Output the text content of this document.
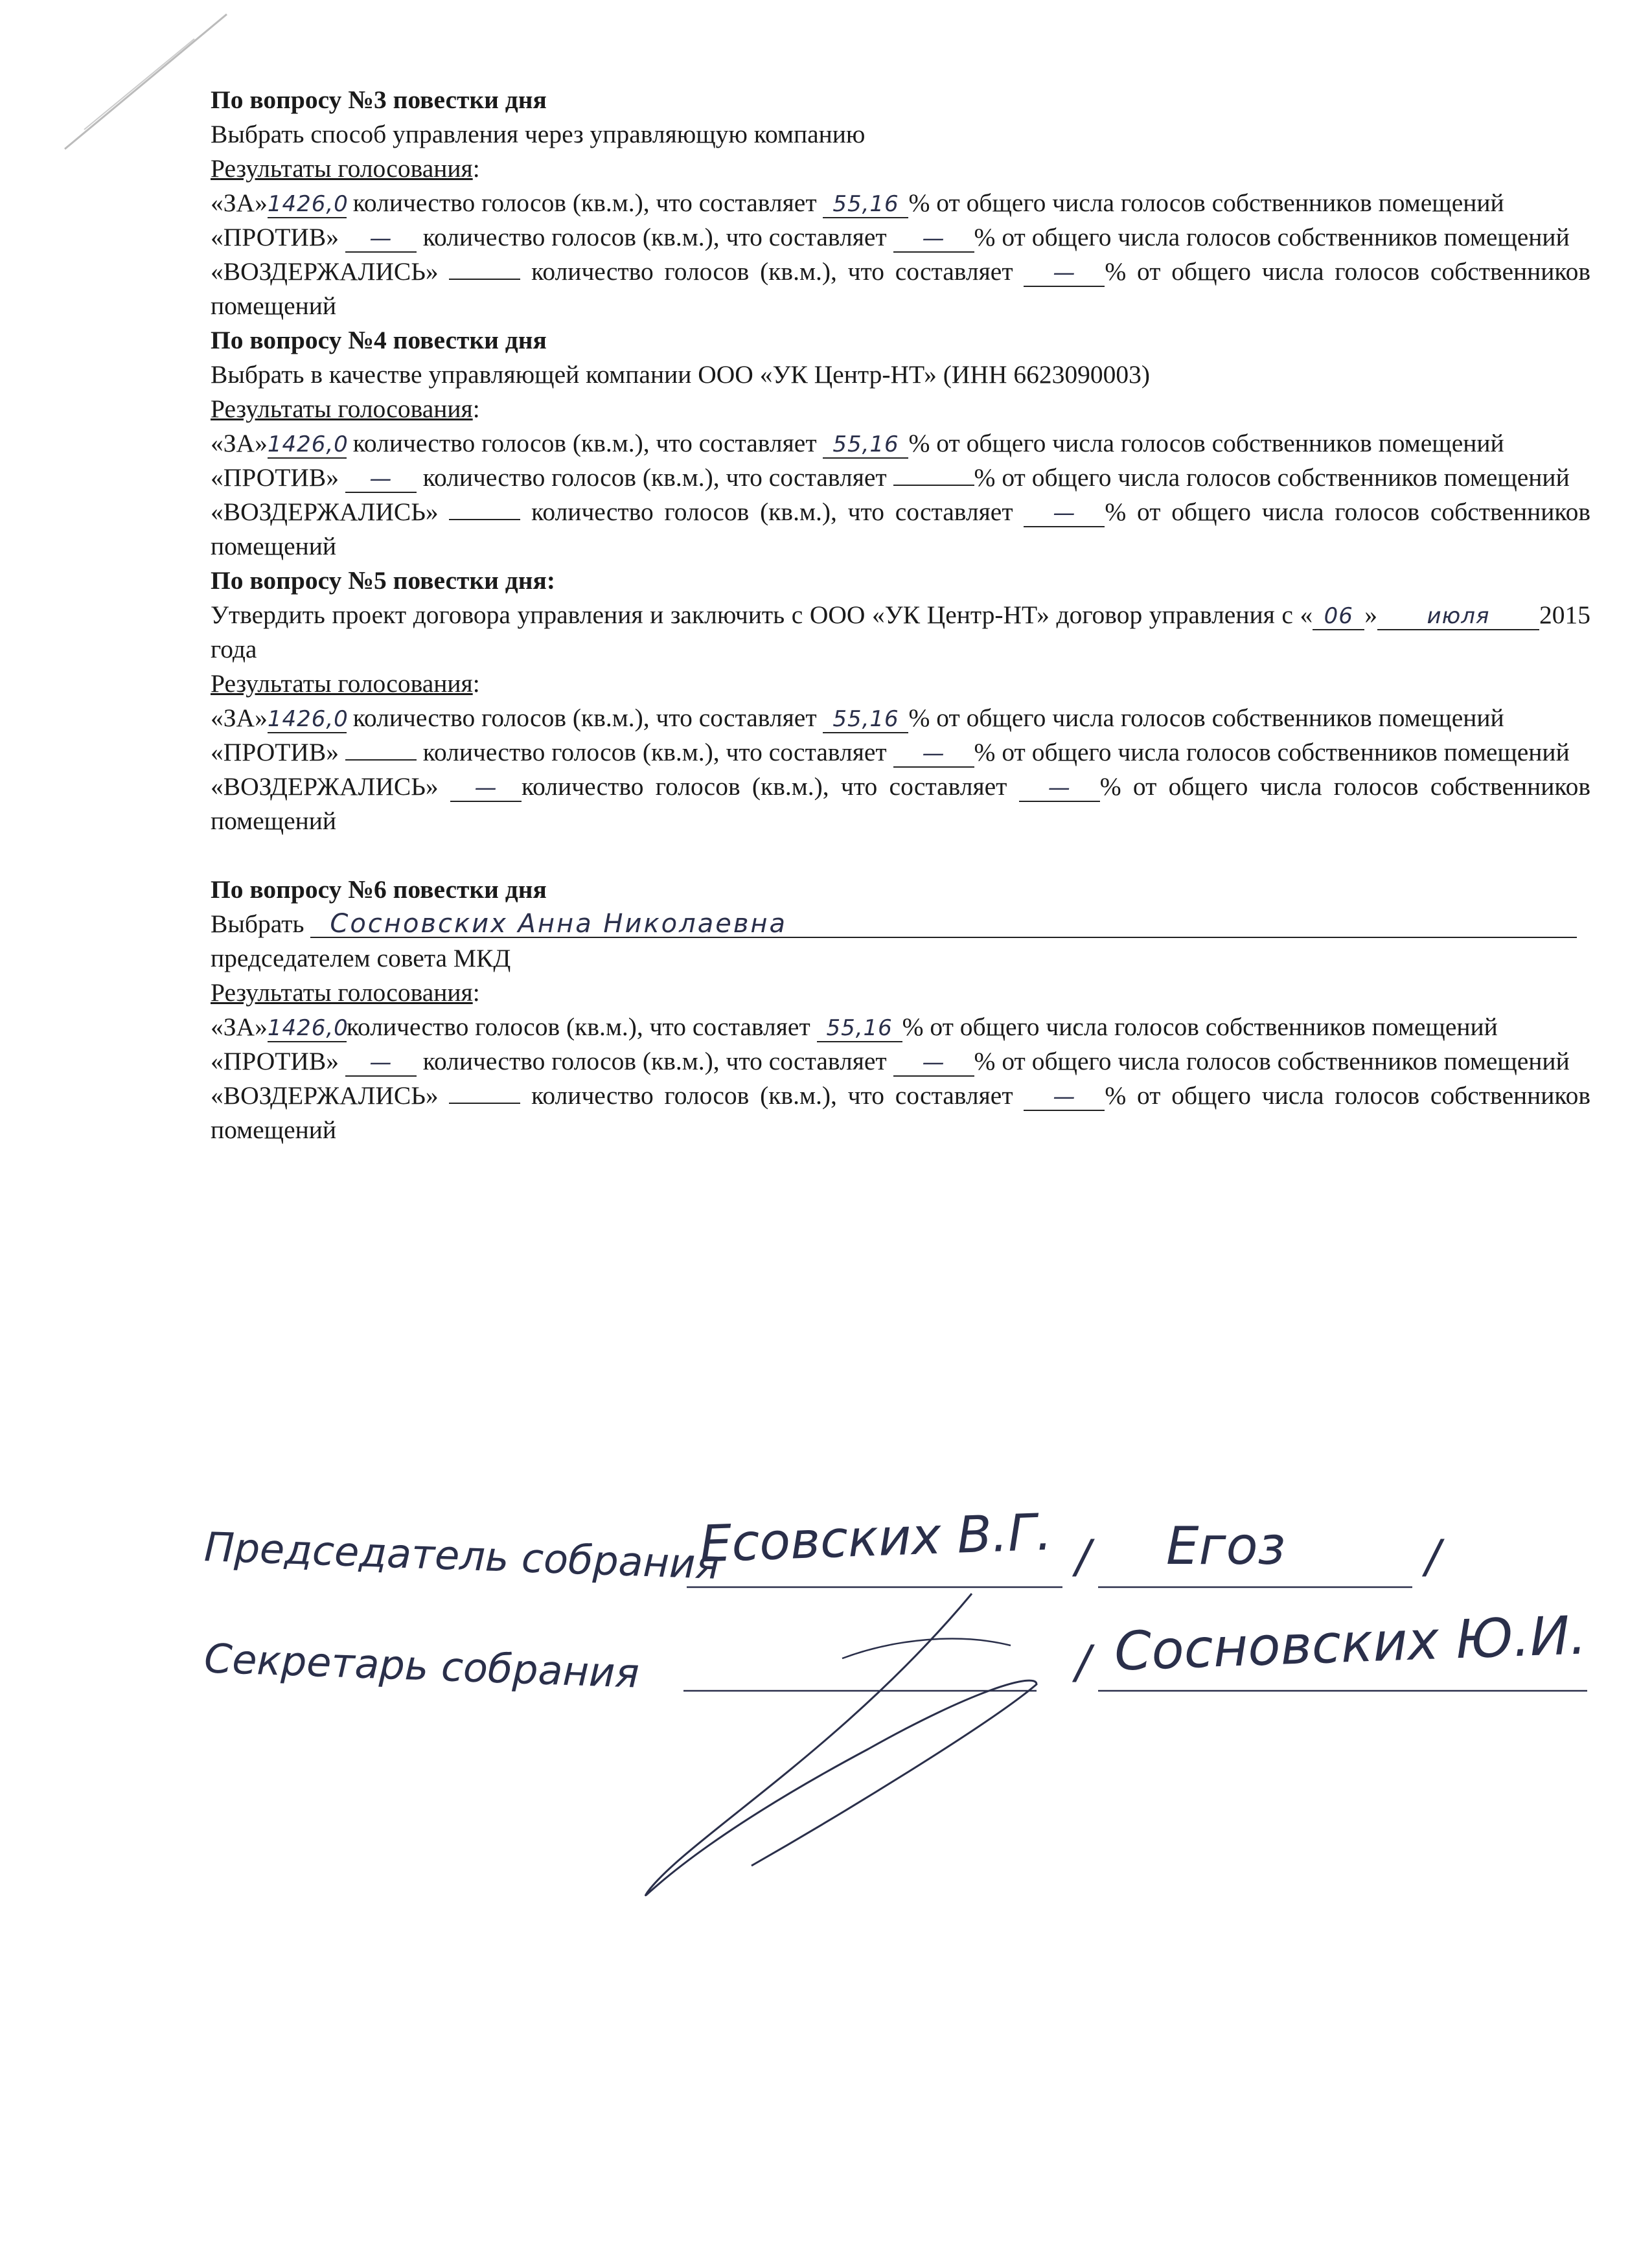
По вопросу №3 повестки дня

Выбрать способ управления через управляющую компанию

Результаты голосования:

«ЗА»1426,0 количество голосов (кв.м.), что составляет 55,16 % от общего числа голосов собственников помещений

«ПРОТИВ» — количество голосов (кв.м.), что составляет — % от общего числа голосов собственников помещений

«ВОЗДЕРЖАЛИСЬ»	количество голосов (кв.м.), что составляет — % от общего числа голосов собственников помещений

По вопросу №4 повестки дня

Выбрать в качестве управляющей компании ООО «УК Центр-НТ» (ИНН 6623090003)

Результаты голосования:

«ЗА»1426,0 количество голосов (кв.м.), что составляет 55,16 % от общего числа голосов собственников помещений

«ПРОТИВ» — количество голосов (кв.м.), что составляет	% от общего числа голосов собственников помещений

«ВОЗДЕРЖАЛИСЬ»	количество голосов (кв.м.), что составляет — % от общего числа голосов собственников помещений

По вопросу №5 повестки дня:

Утвердить проект договора управления и заключить с ООО «УК Центр-НТ» договор управления с « 06 » июля 2015 года

Результаты голосования:

«ЗА»1426,0 количество голосов (кв.м.), что составляет 55,16 % от общего числа голосов собственников помещений

«ПРОТИВ»	количество голосов (кв.м.), что составляет — % от общего числа голосов собственников помещений

«ВОЗДЕРЖАЛИСЬ» — количество голосов (кв.м.), что составляет — % от общего числа голосов собственников помещений

По вопросу №6 повестки дня

Выбрать Сосновских Анна Николаевна

председателем совета МКД

Результаты голосования:

«ЗА»1426,0количество голосов (кв.м.), что составляет 55,16 % от общего числа голосов собственников помещений

«ПРОТИВ» — количество голосов (кв.м.), что составляет — % от общего числа голосов собственников помещений

«ВОЗДЕРЖАЛИСЬ»	количество голосов (кв.м.), что составляет — % от общего числа голосов собственников помещений

Председатель собрания
Есовских В.Г. / Егоз	/
Секретарь собрания	/ Сосновских Ю.И.
